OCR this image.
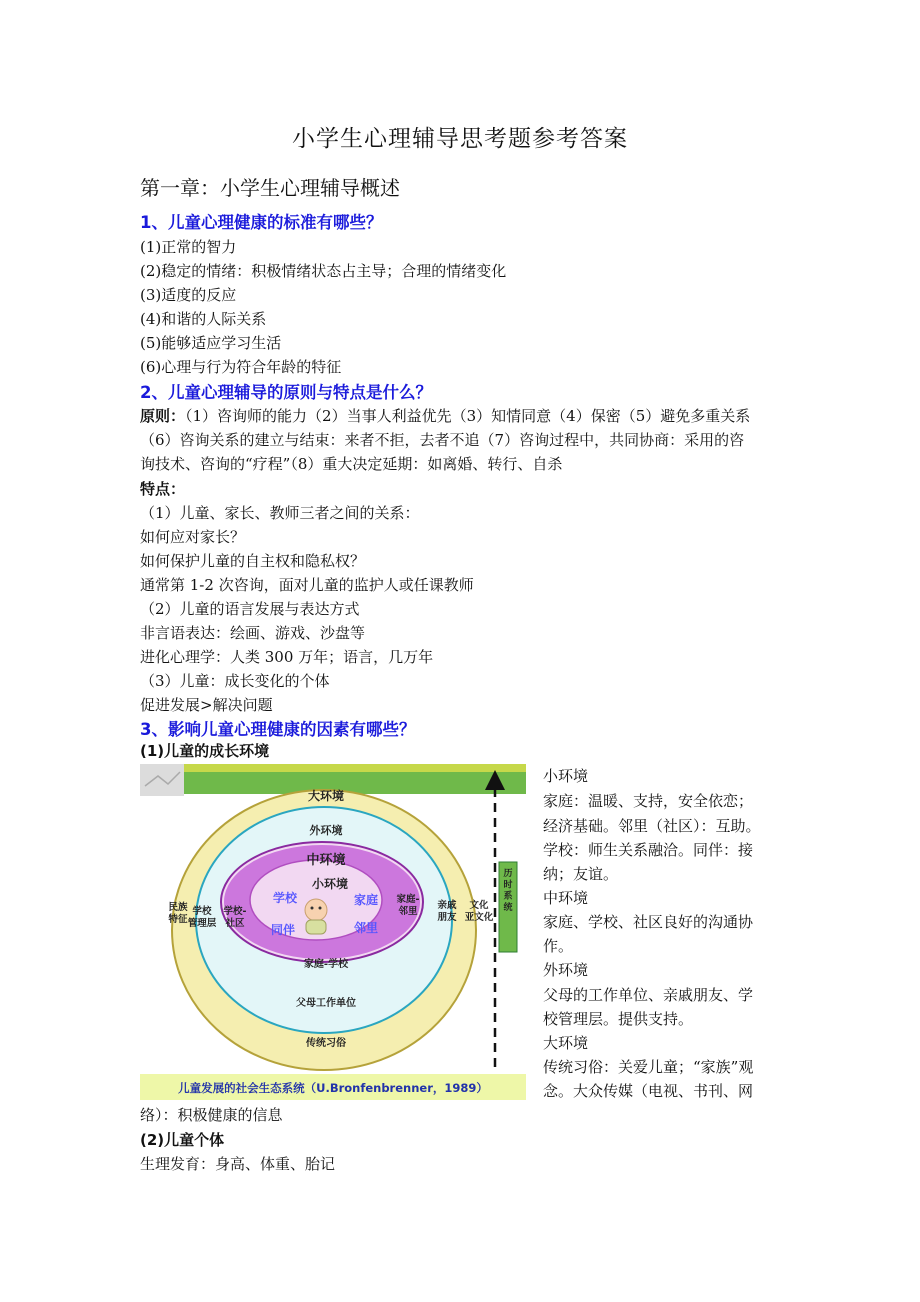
小学生心理辅导思考题参考答案
第一章：小学生心理辅导概述
1、儿童心理健康的标准有哪些？
(1)正常的智力
(2)稳定的情绪：积极情绪状态占主导；合理的情绪变化
(3)适度的反应
(4)和谐的人际关系
(5)能够适应学习生活
(6)心理与行为符合年龄的特征
2、儿童心理辅导的原则与特点是什么？
原则：（1）咨询师的能力（2）当事人利益优先（3）知情同意（4）保密（5）避免多重关系
（6）咨询关系的建立与结束：来者不拒，去者不追（7）咨询过程中，共同协商：采用的咨
询技术、咨询的“疗程”（8）重大决定延期：如离婚、转行、自杀
特点：
（1）儿童、家长、教师三者之间的关系：
如何应对家长？
如何保护儿童的自主权和隐私权？
通常第 1-2 次咨询，面对儿童的监护人或任课教师
（2）儿童的语言发展与表达方式
非言语表达：绘画、游戏、沙盘等
进化心理学：人类 300 万年；语言，几万年
（3）儿童：成长变化的个体
促进发展>解决问题
3、影响儿童心理健康的因素有哪些？
(1)儿童的成长环境
小环境
家庭：温暖、支持，安全依恋；
经济基础。邻里（社区）：互助。
学校：师生关系融洽。同伴：接
纳；友谊。
中环境
家庭、学校、社区良好的沟通协
作。
外环境
父母的工作单位、亲戚朋友、学
校管理层。提供支持。
大环境
传统习俗：关爱儿童；“家族”观
念。大众传媒（电视、书刊、网
大环境
外环境
中环境
小环境
学校	家庭
同伴	邻里
家庭-学校
父母工作单位
传统习俗
民族特征
学校管理层
学校-社区
家庭-邻里
亲戚朋友
文化亚文化
历时系统
儿童发展的社会生态系统（U.Bronfenbrenner，1989）
络）：积极健康的信息
(2)儿童个体
生理发育：身高、体重、胎记
